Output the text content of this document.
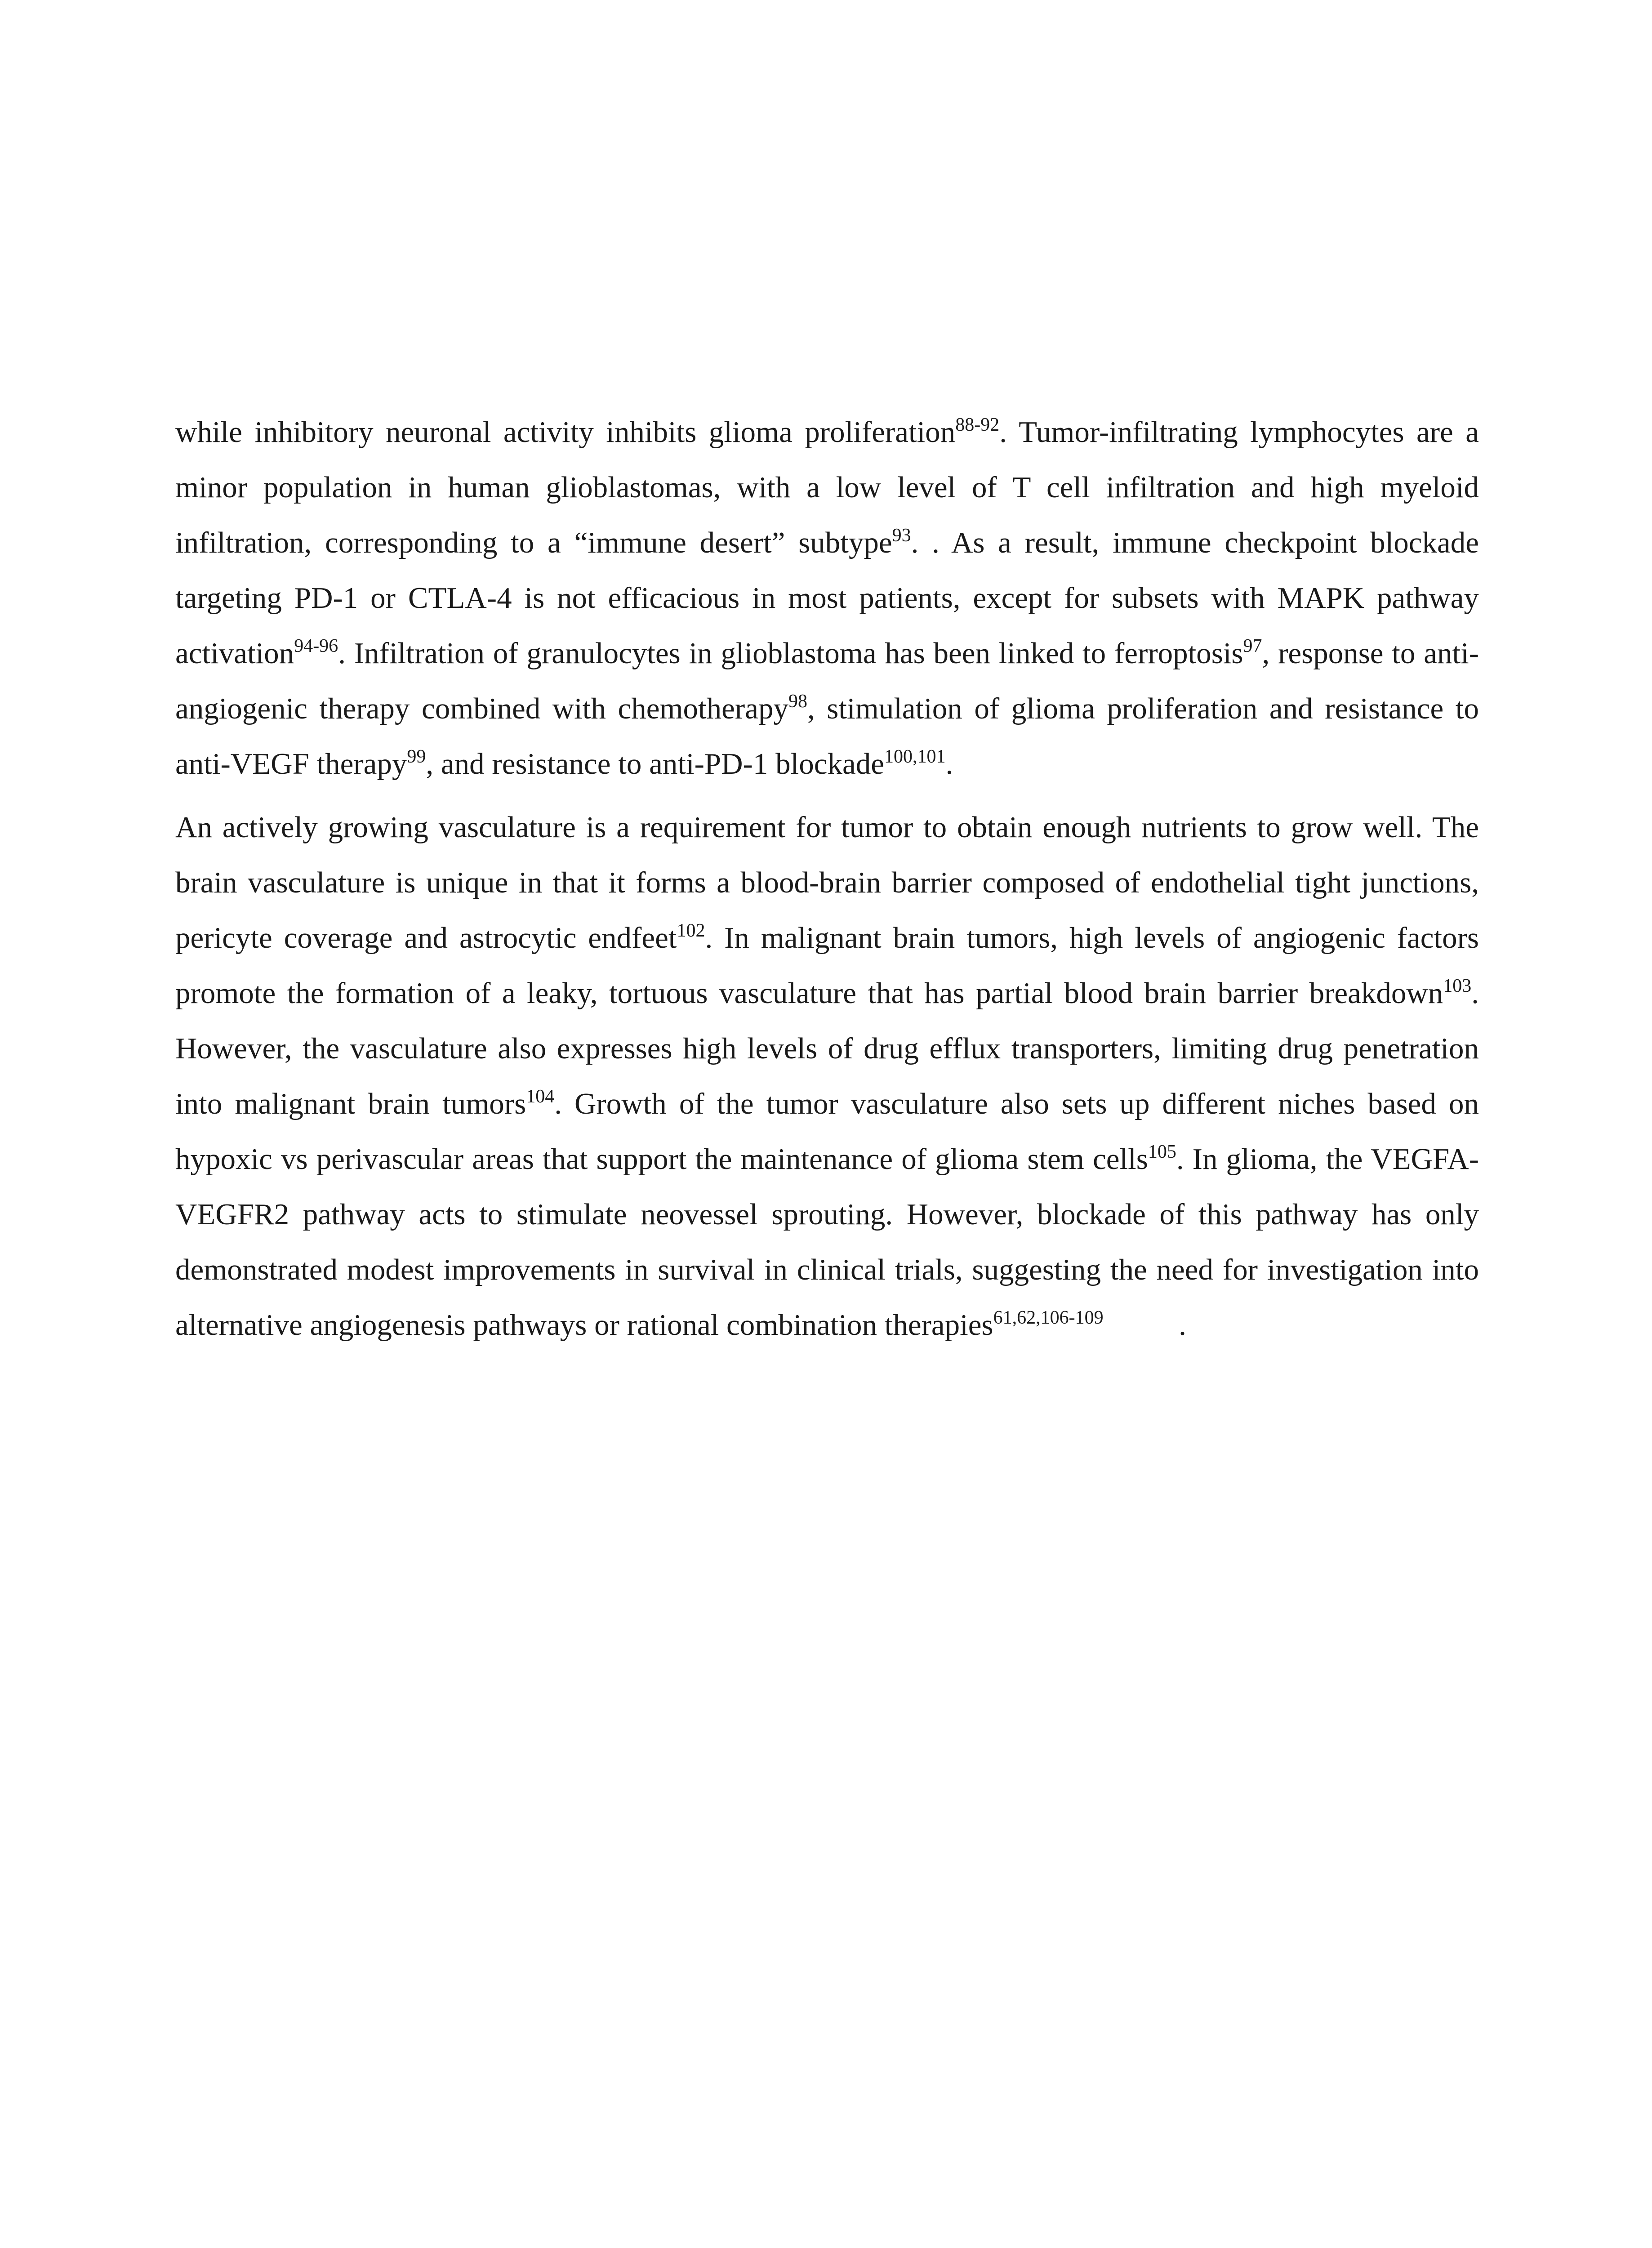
while inhibitory neuronal activity inhibits glioma proliferation$^{88-92}$. Tumor-infiltrating lymphocytes are a minor population in human glioblastomas, with a low level of T cell infiltration and high myeloid infiltration, corresponding to a “immune desert” subtype$^{93}$. . As a result, immune checkpoint blockade targeting PD-1 or CTLA-4 is not efficacious in most patients, except for subsets with MAPK pathway activation$^{94-96}$. Infiltration of granulocytes in glioblastoma has been linked to ferroptosis$^{97}$, response to anti-angiogenic therapy combined with chemotherapy$^{98}$, stimulation of glioma proliferation and resistance to anti-VEGF therapy$^{99}$, and resistance to anti-PD-1 blockade$^{100,101}$.

An actively growing vasculature is a requirement for tumor to obtain enough nutrients to grow well. The brain vasculature is unique in that it forms a blood-brain barrier composed of endothelial tight junctions, pericyte coverage and astrocytic endfeet$^{102}$. In malignant brain tumors, high levels of angiogenic factors promote the formation of a leaky, tortuous vasculature that has partial blood brain barrier breakdown$^{103}$. However, the vasculature also expresses high levels of drug efflux transporters, limiting drug penetration into malignant brain tumors$^{104}$. Growth of the tumor vasculature also sets up different niches based on hypoxic vs perivascular areas that support the maintenance of glioma stem cells$^{105}$. In glioma, the VEGFA-VEGFR2 pathway acts to stimulate neovessel sprouting. However, blockade of this pathway has only demonstrated modest improvements in survival in clinical trials, suggesting the need for investigation into alternative angiogenesis pathways or rational combination therapies$^{61,62,106-109}$          .
